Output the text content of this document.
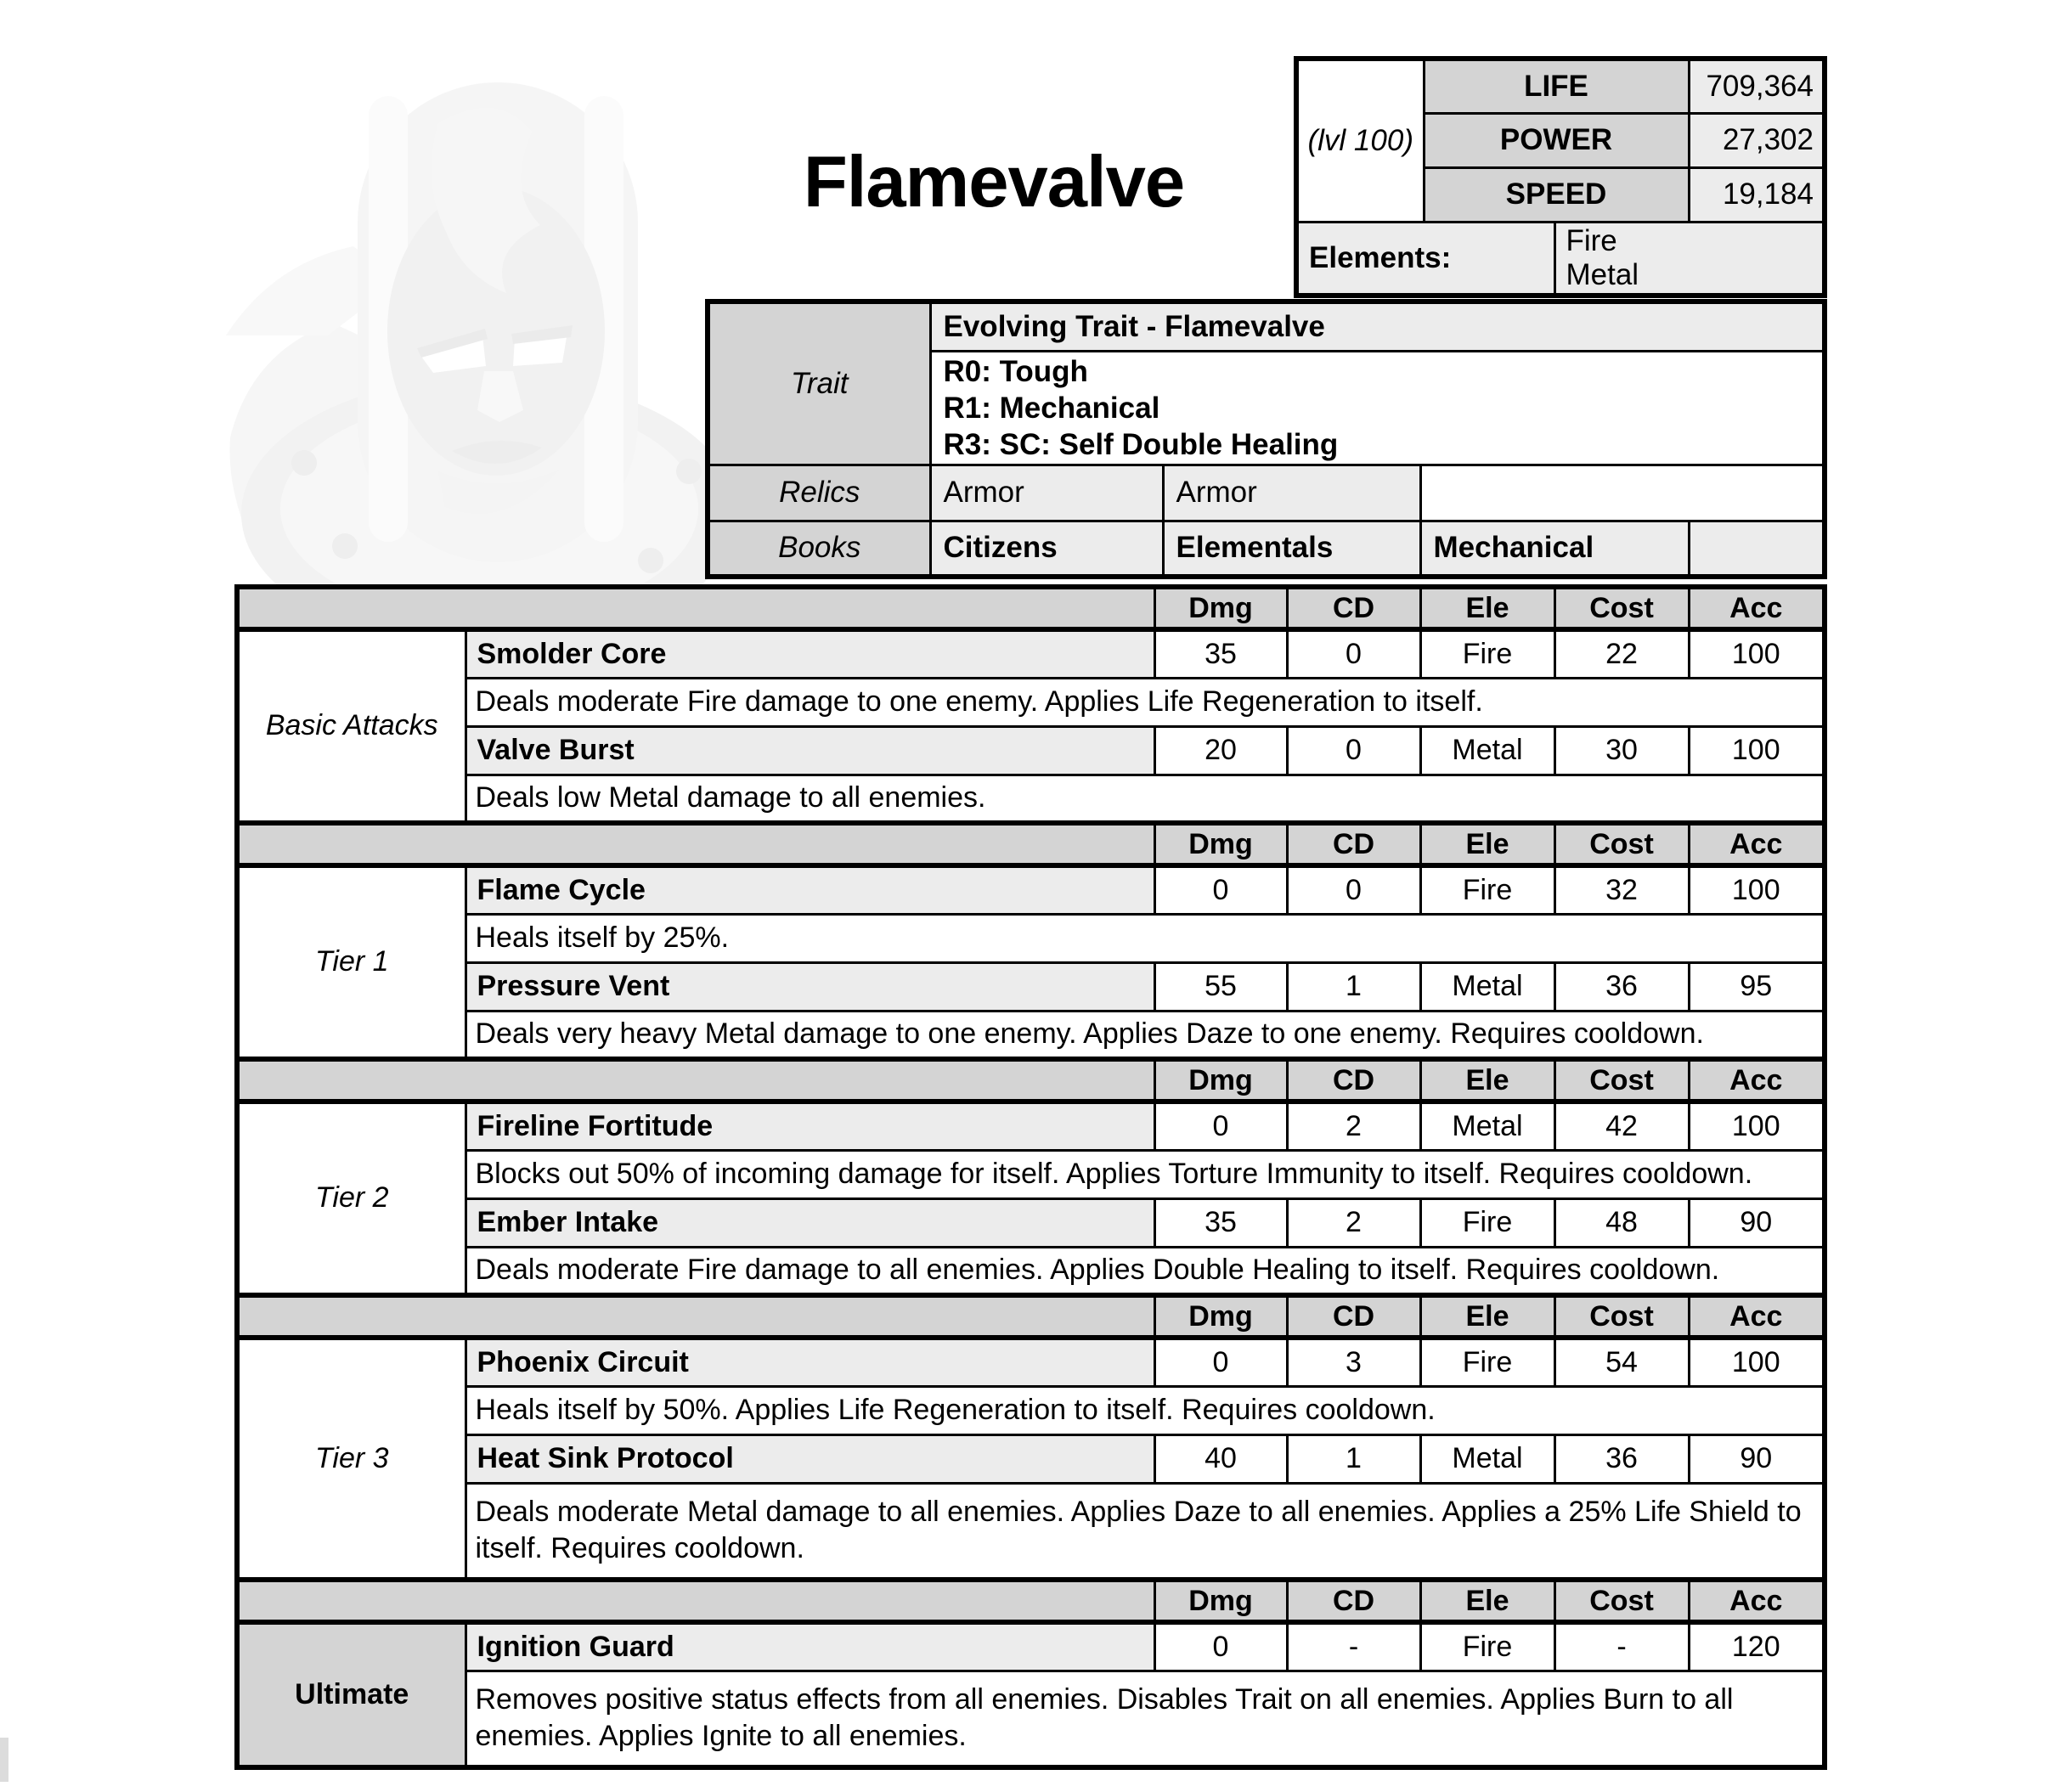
Flamevalve
(lvl 100)	LIFE		709,364
	POWER		27,302
	SPEED		19,184
Elements:		Fire
Metal	
Trait	Evolving Trait - Flamevalve			
	R0: Tough
R1: Mechanical
R3: SC: Self Double Healing			
Relics	Armor	Armor		
Books	Citizens	Elementals	Mechanical	
		Dmg	CD	Ele	Cost	Acc
Basic Attacks	Smolder Core	35	0	Fire	22	100
	Deals moderate Fire damage to one enemy. Applies Life Regeneration to itself.					
	Valve Burst	20	0	Metal	30	100
	Deals low Metal damage to all enemies.					
		Dmg	CD	Ele	Cost	Acc
Tier 1	Flame Cycle	0	0	Fire	32	100
	Heals itself by 25%.					
	Pressure Vent	55	1	Metal	36	95
	Deals very heavy Metal damage to one enemy. Applies Daze to one enemy. Requires cooldown.					
		Dmg	CD	Ele	Cost	Acc
Tier 2	Fireline Fortitude	0	2	Metal	42	100
	Blocks out 50% of incoming damage for itself. Applies Torture Immunity to itself. Requires cooldown.					
	Ember Intake	35	2	Fire	48	90
	Deals moderate Fire damage to all enemies. Applies Double Healing to itself. Requires cooldown.					
		Dmg	CD	Ele	Cost	Acc
Tier 3	Phoenix Circuit	0	3	Fire	54	100
	Heals itself by 50%. Applies Life Regeneration to itself. Requires cooldown.					
	Heat Sink Protocol	40	1	Metal	36	90
	Deals moderate Metal damage to all enemies. Applies Daze to all enemies. Applies a 25% Life Shield to itself. Requires cooldown.					
		Dmg	CD	Ele	Cost	Acc
Ultimate	Ignition Guard	0	-	Fire	-	120
	Removes positive status effects from all enemies. Disables Trait on all enemies. Applies Burn to all enemies. Applies Ignite to all enemies.					
